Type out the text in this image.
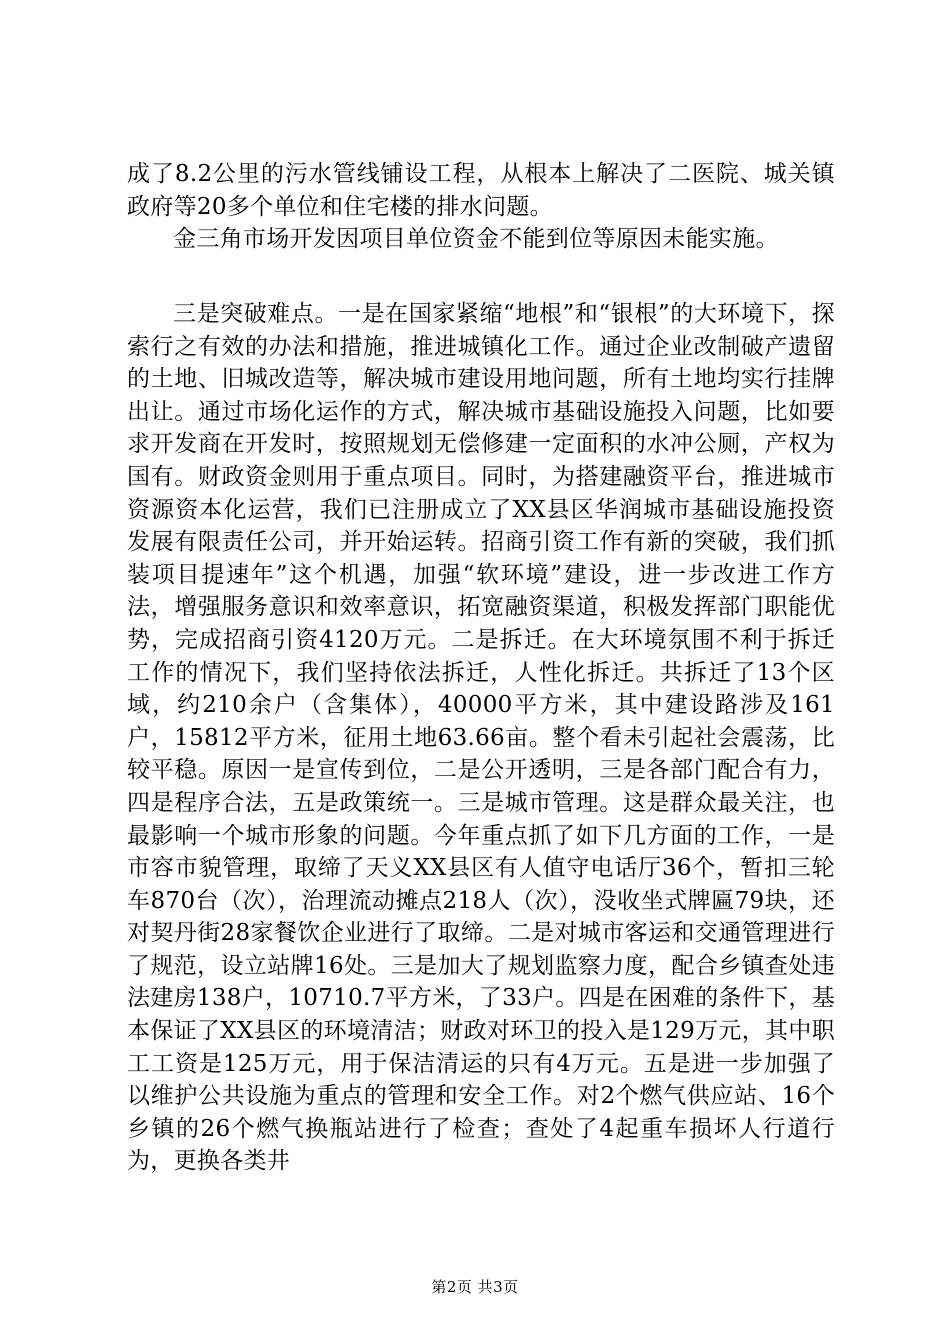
成了8.2公里的污水管线铺设工程，从根本上解决了二医院、城关镇政府等20多个单位和住宅楼的排水问题。

金三角市场开发因项目单位资金不能到位等原因未能实施。

三是突破难点。一是在国家紧缩“地根”和“银根”的大环境下，探索行之有效的办法和措施，推进城镇化工作。通过企业改制破产遗留的土地、旧城改造等，解决城市建设用地问题，所有土地均实行挂牌出让。通过市场化运作的方式，解决城市基础设施投入问题，比如要求开发商在开发时，按照规划无偿修建一定面积的水冲公厕，产权为国有。财政资金则用于重点项目。同时，为搭建融资平台，推进城市资源资本化运营，我们已注册成立了XX县区华润城市基础设施投资发展有限责任公司，并开始运转。招商引资工作有新的突破，我们抓装项目提速年”这个机遇，加强“软环境”建设，进一步改进工作方法，增强服务意识和效率意识，拓宽融资渠道，积极发挥部门职能优势，完成招商引资4120万元。二是拆迁。在大环境氛围不利于拆迁工作的情况下，我们坚持依法拆迁，人性化拆迁。共拆迁了13个区域，约210余户（含集体），40000平方米，其中建设路涉及161户，15812平方米，征用土地63.66亩。整个看未引起社会震荡，比较平稳。原因一是宣传到位，二是公开透明，三是各部门配合有力，四是程序合法，五是政策统一。三是城市管理。这是群众最关注，也最影响一个城市形象的问题。今年重点抓了如下几方面的工作，一是市容市貌管理，取缔了天义XX县区有人值守电话厅36个，暂扣三轮车870台（次），治理流动摊点218人（次），没收坐式牌匾79块，还对契丹街28家餐饮企业进行了取缔。二是对城市客运和交通管理进行了规范，设立站牌16处。三是加大了规划监察力度，配合乡镇查处违法建房138户，10710.7平方米，了33户。四是在困难的条件下，基本保证了XX县区的环境清洁；财政对环卫的投入是129万元，其中职工工资是125万元，用于保洁清运的只有4万元。五是进一步加强了以维护公共设施为重点的管理和安全工作。对2个燃气供应站、16个乡镇的26个燃气换瓶站进行了检查；查处了4起重车损坏人行道行为，更换各类井

第2页 共3页
